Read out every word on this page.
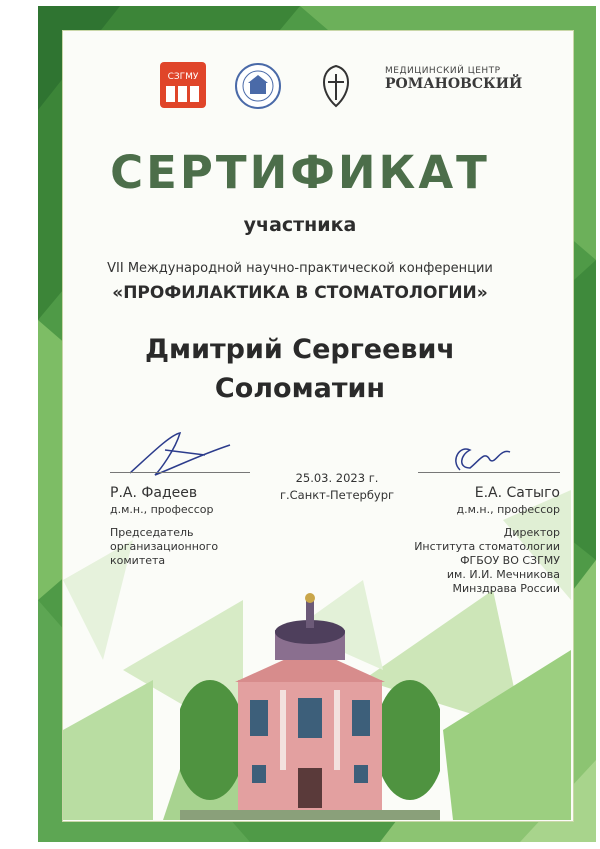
СЗГМУ
МЕДИЦИНСКИЙ ЦЕНТР
РОМАНОВСКИЙ
СЕРТИФИКАТ
участника
VII Международной научно-практической конференции
«ПРОФИЛАКТИКА В СТОМАТОЛОГИИ»
Дмитрий Сергеевич
Соломатин
Р.А. Фадеев
д.м.н., профессор
Председатель
организационного
комитета
25.03. 2023 г.
г.Санкт-Петербург	Е.А. Сатыго
д.м.н., профессор
Директор
Института стоматологии
ФГБОУ ВО СЗГМУ
им. И.И. Мечникова
Минздрава России
